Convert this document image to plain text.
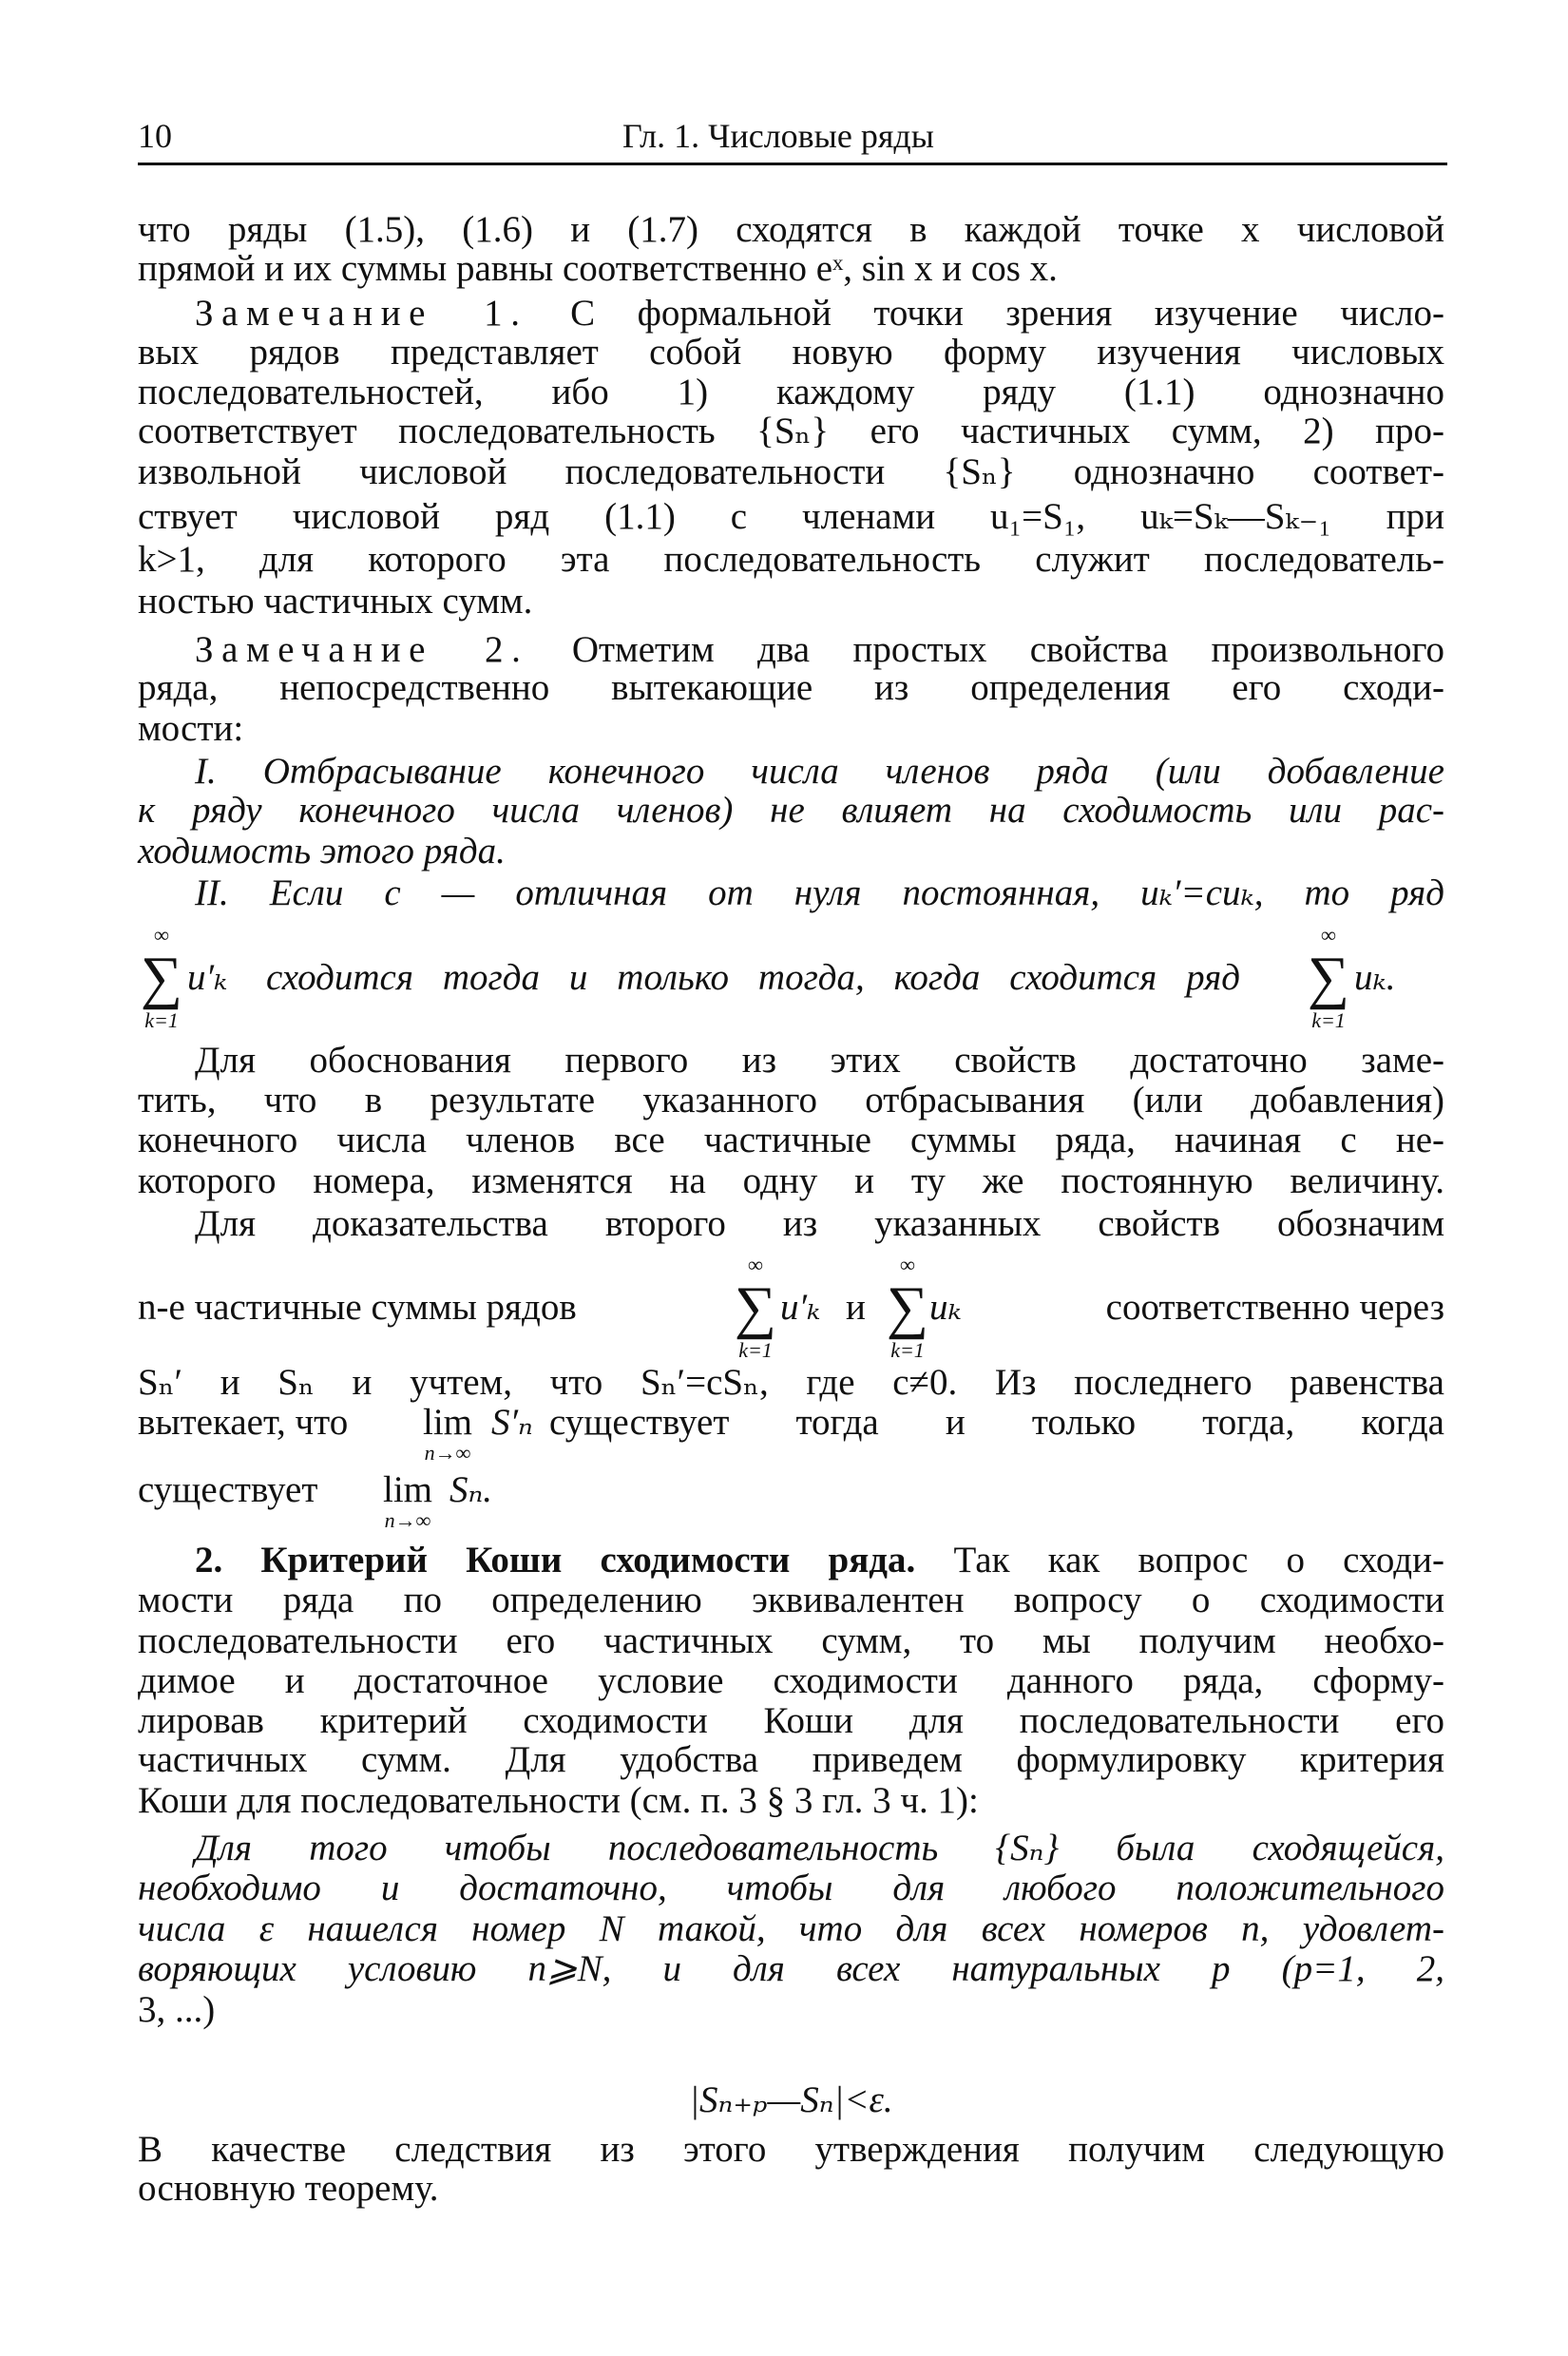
10	Гл. 1. Числовые ряды
что ряды (1.5), (1.6) и (1.7) сходятся в каждой точке x числовой
прямой и их суммы равны соответственно eˣ, sin x и cos x.
Замечание 1. С формальной точки зрения изучение число-
вых рядов представляет собой новую форму изучения числовых
последовательностей, ибо 1) каждому ряду (1.1) однозначно
соответствует последовательность {Sₙ} его частичных сумм, 2) про-
извольной числовой последовательности {Sₙ} однозначно соответ-
ствует числовой ряд (1.1) с членами u₁=S₁, uₖ=Sₖ—Sₖ₋₁ при
k>1, для которого эта последовательность служит последователь-
ностью частичных сумм.
Замечание 2. Отметим два простых свойства произвольного
ряда, непосредственно вытекающие из определения его сходи-
мости:
I. Отбрасывание конечного числа членов ряда (или добавление
к ряду конечного числа членов) не влияет на сходимость или рас-
ходимость этого ряда.
II. Если c — отличная от нуля постоянная, uₖ′=cuₖ, то ряд
∞
∑
k=1
u′ₖ сходится тогда и только тогда, когда сходится ряд
∞
∑
k=1
uₖ.
Для обоснования первого из этих свойств достаточно заме-
тить, что в результате указанного отбрасывания (или добавления)
конечного числа членов все частичные суммы ряда, начиная с не-
которого номера, изменятся на одну и ту же постоянную величину.
Для доказательства второго из указанных свойств обозначим
n-е частичные суммы рядов
∞
∑
k=1
u′ₖ и
∞
∑
k=1
uₖ	соответственно через
Sₙ′ и Sₙ и учтем, что Sₙ′=cSₙ, где c≠0. Из последнего равенства
вытекает, что lim
n→∞
S′ₙ существует тогда и только тогда, когда
существует lim
n→∞
Sₙ.
2. Критерий Коши сходимости ряда. Так как вопрос о сходи-
мости ряда по определению эквивалентен вопросу о сходимости
последовательности его частичных сумм, то мы получим необхо-
димое и достаточное условие сходимости данного ряда, сформу-
лировав критерий сходимости Коши для последовательности его
частичных сумм. Для удобства приведем формулировку критерия
Коши для последовательности (см. п. 3 § 3 гл. 3 ч. 1):
Для того чтобы последовательность {Sₙ} была сходящейся,
необходимо и достаточно, чтобы для любого положительного
числа ε нашелся номер N такой, что для всех номеров n, удовлет-
воряющих условию n⩾N, и для всех натуральных p (p=1, 2,
3, ...)
|Sₙ₊ₚ—Sₙ|<ε.
В качестве следствия из этого утверждения получим следующую
основную теорему.
